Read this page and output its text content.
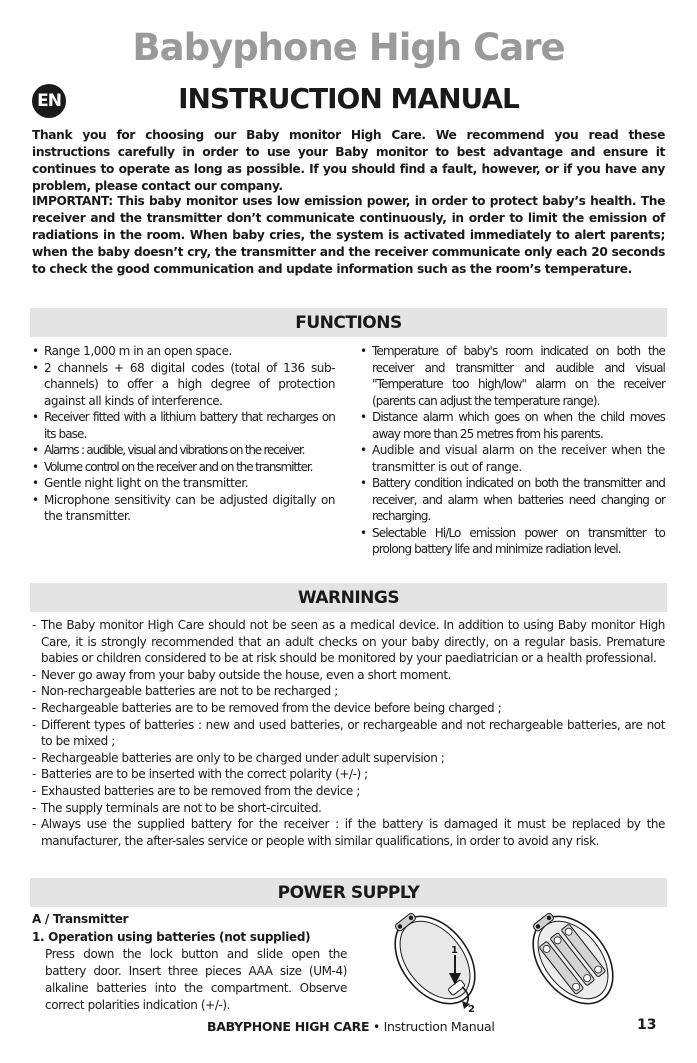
Babyphone High Care
EN	INSTRUCTION MANUAL

Thank you for choosing our Baby monitor High Care. We recommend you read these instructions carefully in order to use your Baby monitor to best advantage and ensure it continues to operate as long as possible. If you should find a fault, however, or if you have any problem, please contact our company.

IMPORTANT: This baby monitor uses low emission power, in order to protect baby’s health. The receiver and the transmitter don’t communicate continuously, in order to limit the emission of radiations in the room. When baby cries, the system is activated immediately to alert parents; when the baby doesn’t cry, the transmitter and the receiver communicate only each 20 seconds to check the good communication and update information such as the room’s temperature.

FUNCTIONS
• Range 1,000 m in an open space.
• 2 channels + 68 digital codes (total of 136 sub-channels) to offer a high degree of protection against all kinds of interference.
• Receiver fitted with a lithium battery that recharges on its base.
• Alarms : audible, visual and vibrations on the receiver.
• Volume control on the receiver and on the transmitter.
• Gentle night light on the transmitter.
• Microphone sensitivity can be adjusted digitally on the transmitter.
• Temperature of baby's room indicated on both the receiver and transmitter and audible and visual "Temperature too high/low" alarm on the receiver (parents can adjust the temperature range).
• Distance alarm which goes on when the child moves away more than 25 metres from his parents.
• Audible and visual alarm on the receiver when the transmitter is out of range.
• Battery condition indicated on both the transmitter and receiver, and alarm when batteries need changing or recharging.
• Selectable Hi/Lo emission power on transmitter to prolong battery life and minimize radiation level.
WARNINGS
- The Baby monitor High Care should not be seen as a medical device. In addition to using Baby monitor High Care, it is strongly recommended that an adult checks on your baby directly, on a regular basis. Premature babies or children considered to be at risk should be monitored by your paediatrician or a health professional.
- Never go away from your baby outside the house, even a short moment.
- Non-rechargeable batteries are not to be recharged ;
- Rechargeable batteries are to be removed from the device before being charged ;
- Different types of batteries : new and used batteries, or rechargeable and not rechargeable batteries, are not to be mixed ;
- Rechargeable batteries are only to be charged under adult supervision ;
- Batteries are to be inserted with the correct polarity (+/-) ;
- Exhausted batteries are to be removed from the device ;
- The supply terminals are not to be short-circuited.
- Always use the supplied battery for the receiver : if the battery is damaged it must be replaced by the manufacturer, the after-sales service or people with similar qualifications, in order to avoid any risk.
POWER SUPPLY
A / Transmitter
1. Operation using batteries (not supplied)

Press down the lock button and slide open the battery door. Insert three pieces AAA size (UM-4) alkaline batteries into the compartment. Observe correct polarities indication (+/-).

1
2
BABYPHONE HIGH CARE • Instruction Manual	13
